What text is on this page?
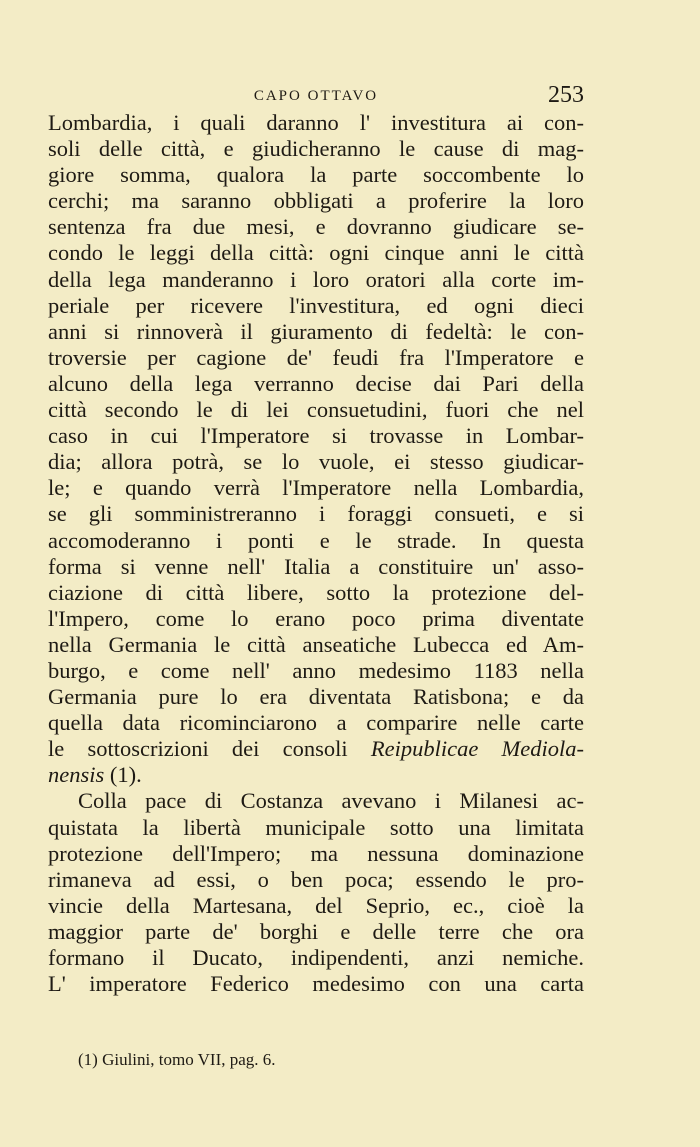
CAPO OTTAVO	253
Lombardia, i quali daranno l' investitura ai con-
soli delle città, e giudicheranno le cause di mag-
giore somma, qualora la parte soccombente lo
cerchi; ma saranno obbligati a proferire la loro
sentenza fra due mesi, e dovranno giudicare se-
condo le leggi della città: ogni cinque anni le città
della lega manderanno i loro oratori alla corte im-
periale per ricevere l'investitura, ed ogni dieci
anni si rinnoverà il giuramento di fedeltà: le con-
troversie per cagione de' feudi fra l'Imperatore e
alcuno della lega verranno decise dai Pari della
città secondo le di lei consuetudini, fuori che nel
caso in cui l'Imperatore si trovasse in Lombar-
dia; allora potrà, se lo vuole, ei stesso giudicar-
le; e quando verrà l'Imperatore nella Lombardia,
se gli somministreranno i foraggi consueti, e si
accomoderanno i ponti e le strade. In questa
forma si venne nell' Italia a constituire un' asso-
ciazione di città libere, sotto la protezione del-
l'Impero, come lo erano poco prima diventate
nella Germania le città anseatiche Lubecca ed Am-
burgo, e come nell' anno medesimo 1183 nella
Germania pure lo era diventata Ratisbona; e da
quella data ricominciarono a comparire nelle carte
le sottoscrizioni dei consoli Reipublicae Mediola-
nensis (1).
Colla pace di Costanza avevano i Milanesi ac-
quistata la libertà municipale sotto una limitata
protezione dell'Impero; ma nessuna dominazione
rimaneva ad essi, o ben poca; essendo le pro-
vincie della Martesana, del Seprio, ec., cioè la
maggior parte de' borghi e delle terre che ora
formano il Ducato, indipendenti, anzi nemiche.
L' imperatore Federico medesimo con una carta
(1) Giulini, tomo VII, pag. 6.
